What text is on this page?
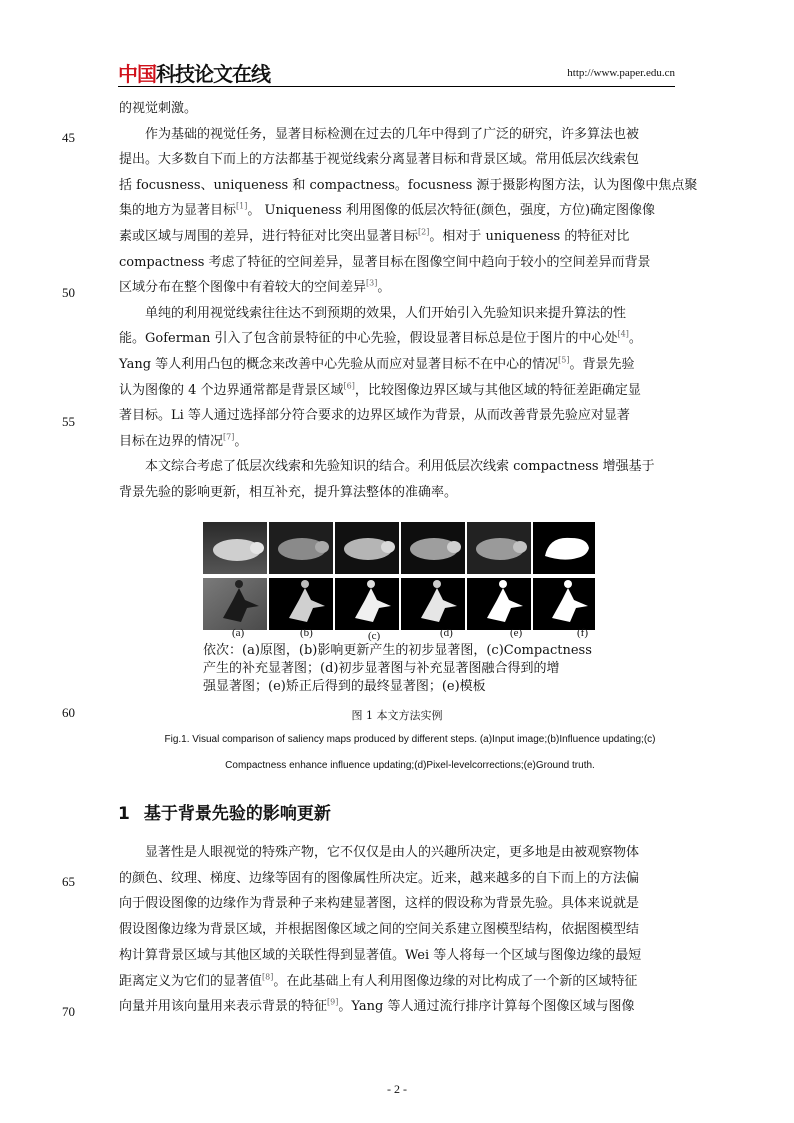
中国科技论文在线	http://www.paper.edu.cn
45
50
55
60
65
70
的视觉刺激。
　　作为基础的视觉任务，显著目标检测在过去的几年中得到了广泛的研究，许多算法也被
提出。大多数自下而上的方法都基于视觉线索分离显著目标和背景区域。常用低层次线索包
括 focusness、uniqueness 和 compactness。focusness 源于摄影构图方法，认为图像中焦点聚
集的地方为显著目标[1]。 Uniqueness 利用图像的低层次特征(颜色，强度，方位)确定图像像
素或区域与周围的差异，进行特征对比突出显著目标[2]。相对于 uniqueness 的特征对比
compactness 考虑了特征的空间差异，显著目标在图像空间中趋向于较小的空间差异而背景
区域分布在整个图像中有着较大的空间差异[3]。
　　单纯的利用视觉线索往往达不到预期的效果，人们开始引入先验知识来提升算法的性
能。Goferman 引入了包含前景特征的中心先验，假设显著目标总是位于图片的中心处[4]。
Yang 等人利用凸包的概念来改善中心先验从而应对显著目标不在中心的情况[5]。背景先验
认为图像的 4 个边界通常都是背景区域[6]，比较图像边界区域与其他区域的特征差距确定显
著目标。Li 等人通过选择部分符合要求的边界区域作为背景，从而改善背景先验应对显著
目标在边界的情况[7]。
　　本文综合考虑了低层次线索和先验知识的结合。利用低层次线索 compactness 增强基于
背景先验的影响更新，相互补充，提升算法整体的准确率。
(a)	(b)	(c)	(d)	(e)	(f)
依次：(a)原图，(b)影响更新产生的初步显著图，(c)Compactness
产生的补充显著图；(d)初步显著图与补充显著图融合得到的增
强显著图；(e)矫正后得到的最终显著图；(e)模板
图 1 本文方法实例
Fig.1. Visual comparison of saliency maps produced by different steps. (a)Input image;(b)Influence updating;(c)
Compactness enhance influence updating;(d)Pixel-levelcorrections;(e)Ground truth.
1 基于背景先验的影响更新
　　显著性是人眼视觉的特殊产物，它不仅仅是由人的兴趣所决定，更多地是由被观察物体
的颜色、纹理、梯度、边缘等固有的图像属性所决定。近来，越来越多的自下而上的方法偏
向于假设图像的边缘作为背景种子来构建显著图，这样的假设称为背景先验。具体来说就是
假设图像边缘为背景区域，并根据图像区域之间的空间关系建立图模型结构，依据图模型结
构计算背景区域与其他区域的关联性得到显著值。Wei 等人将每一个区域与图像边缘的最短
距离定义为它们的显著值[8]。在此基础上有人利用图像边缘的对比构成了一个新的区域特征
向量并用该向量用来表示背景的特征[9]。Yang 等人通过流行排序计算每个图像区域与图像
- 2 -
